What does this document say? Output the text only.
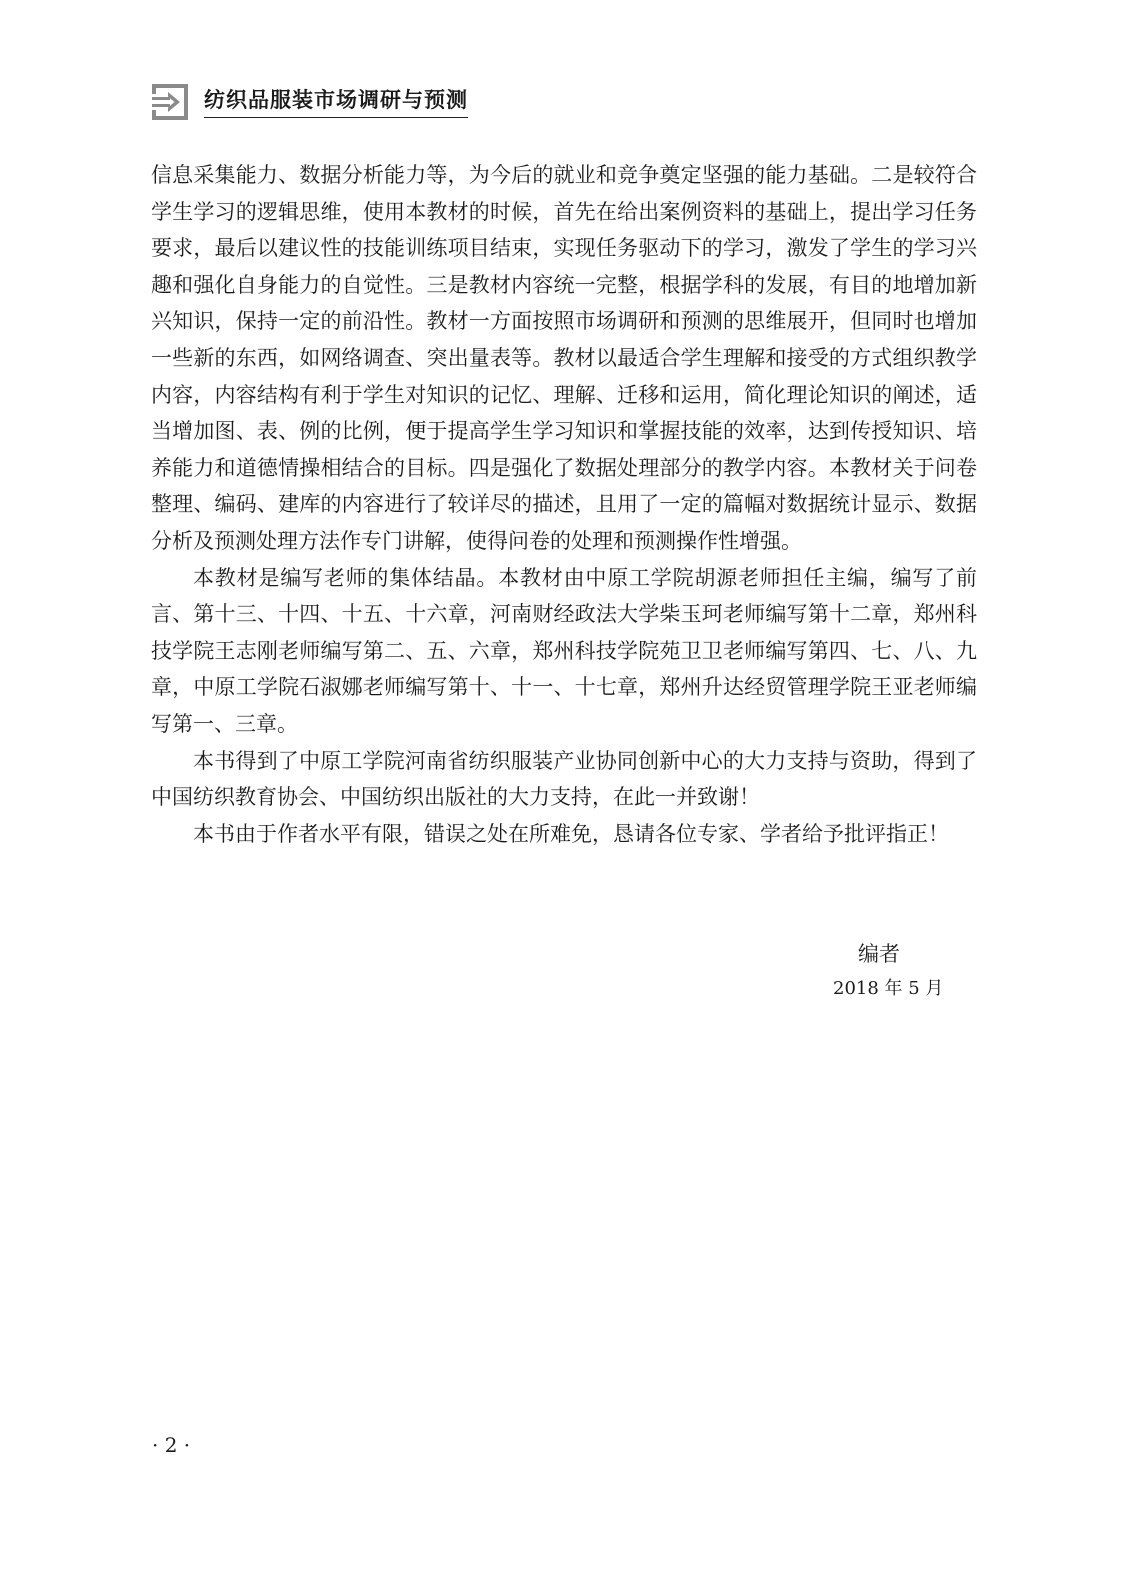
纺织品服装市场调研与预测

信息采集能力、数据分析能力等，为今后的就业和竞争奠定坚强的能力基础。二是较符合学生学习的逻辑思维，使用本教材的时候，首先在给出案例资料的基础上，提出学习任务要求，最后以建议性的技能训练项目结束，实现任务驱动下的学习，激发了学生的学习兴趣和强化自身能力的自觉性。三是教材内容统一完整，根据学科的发展，有目的地增加新兴知识，保持一定的前沿性。教材一方面按照市场调研和预测的思维展开，但同时也增加一些新的东西，如网络调查、突出量表等。教材以最适合学生理解和接受的方式组织教学内容，内容结构有利于学生对知识的记忆、理解、迁移和运用，简化理论知识的阐述，适当增加图、表、例的比例，便于提高学生学习知识和掌握技能的效率，达到传授知识、培养能力和道德情操相结合的目标。四是强化了数据处理部分的教学内容。本教材关于问卷整理、编码、建库的内容进行了较详尽的描述，且用了一定的篇幅对数据统计显示、数据分析及预测处理方法作专门讲解，使得问卷的处理和预测操作性增强。

本教材是编写老师的集体结晶。本教材由中原工学院胡源老师担任主编，编写了前言、第十三、十四、十五、十六章，河南财经政法大学柴玉珂老师编写第十二章，郑州科技学院王志刚老师编写第二、五、六章，郑州科技学院苑卫卫老师编写第四、七、八、九章，中原工学院石淑娜老师编写第十、十一、十七章，郑州升达经贸管理学院王亚老师编写第一、三章。

本书得到了中原工学院河南省纺织服装产业协同创新中心的大力支持与资助，得到了中国纺织教育协会、中国纺织出版社的大力支持，在此一并致谢！

本书由于作者水平有限，错误之处在所难免，恳请各位专家、学者给予批评指正！

编者
2018 年 5 月
· 2 ·
